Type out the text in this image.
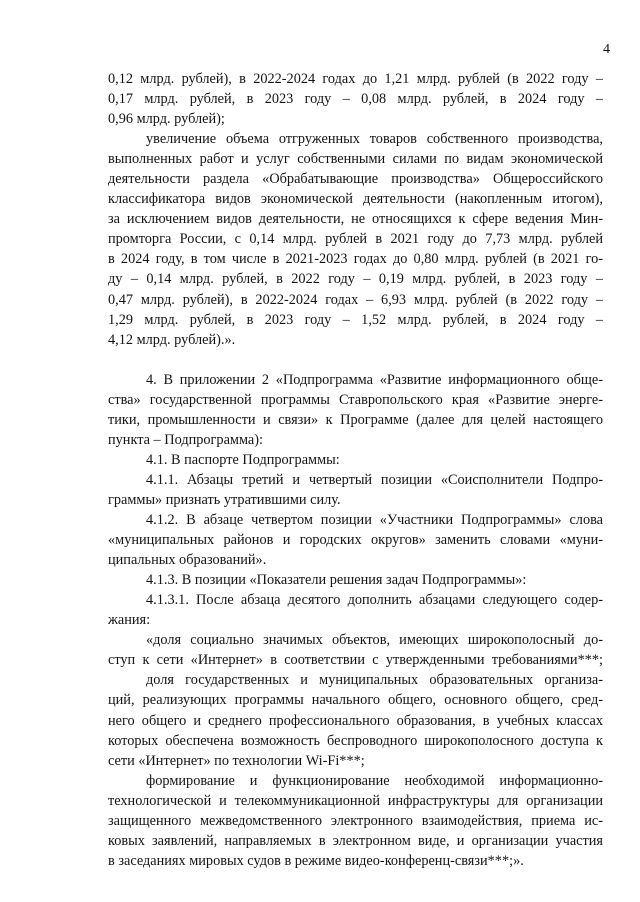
4
0,12 млрд. рублей), в 2022-2024 годах до 1,21 млрд. рублей (в 2022 году –
0,17 млрд. рублей, в 2023 году – 0,08 млрд. рублей, в 2024 году –
0,96 млрд. рублей);
увеличение объема отгруженных товаров собственного производства,
выполненных работ и услуг собственными силами по видам экономической
деятельности раздела «Обрабатывающие производства» Общероссийского
классификатора видов экономической деятельности (накопленным итогом),
за исключением видов деятельности, не относящихся к сфере ведения Мин-
промторга России, с 0,14 млрд. рублей в 2021 году до 7,73 млрд. рублей
в 2024 году, в том числе в 2021-2023 годах до 0,80 млрд. рублей (в 2021 го-
ду – 0,14 млрд. рублей, в 2022 году – 0,19 млрд. рублей, в 2023 году –
0,47 млрд. рублей), в 2022-2024 годах – 6,93 млрд. рублей (в 2022 году –
1,29 млрд. рублей, в 2023 году – 1,52 млрд. рублей, в 2024 году –
4,12 млрд. рублей).».
4. В приложении 2 «Подпрограмма «Развитие информационного обще-
ства» государственной программы Ставропольского края «Развитие энерге-
тики, промышленности и связи» к Программе (далее для целей настоящего
пункта – Подпрограмма):
4.1. В паспорте Подпрограммы:
4.1.1. Абзацы третий и четвертый позиции «Соисполнители Подпро-
граммы» признать утратившими силу.
4.1.2. В абзаце четвертом позиции «Участники Подпрограммы» слова
«муниципальных районов и городских округов» заменить словами «муни-
ципальных образований».
4.1.3. В позиции «Показатели решения задач Подпрограммы»:
4.1.3.1. После абзаца десятого дополнить абзацами следующего содер-
жания:
«доля социально значимых объектов, имеющих широкополосный до-
ступ к сети «Интернет» в соответствии с утвержденными требованиями***;
доля государственных и муниципальных образовательных организа-
ций, реализующих программы начального общего, основного общего, сред-
него общего и среднего профессионального образования, в учебных классах
которых обеспечена возможность беспроводного широкополосного доступа к
сети «Интернет» по технологии Wi-Fi***;
формирование и функционирование необходимой информационно-
технологической и телекоммуникационной инфраструктуры для организации
защищенного межведомственного электронного взаимодействия, приема ис-
ковых заявлений, направляемых в электронном виде, и организации участия
в заседаниях мировых судов в режиме видео-конференц-связи***;».
